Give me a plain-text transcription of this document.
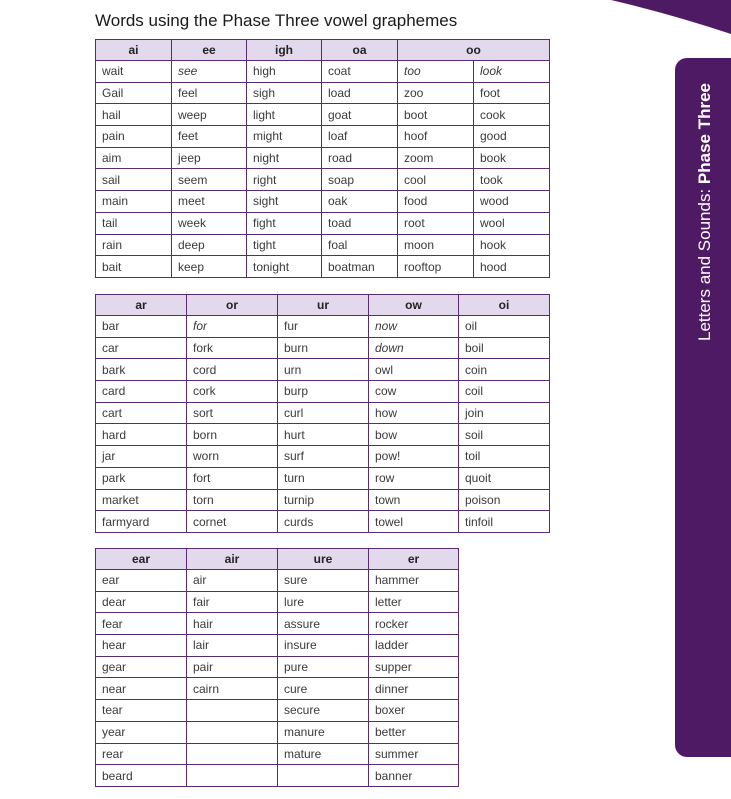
Letters and Sounds: Phase Three
Words using the Phase Three vowel graphemes
ai	ee	igh	oa	oo	
wait	see	high	coat	too	look
Gail	feel	sigh	load	zoo	foot
hail	weep	light	goat	boot	cook
pain	feet	might	loaf	hoof	good
aim	jeep	night	road	zoom	book
sail	seem	right	soap	cool	took
main	meet	sight	oak	food	wood
tail	week	fight	toad	root	wool
rain	deep	tight	foal	moon	hook
bait	keep	tonight	boatman	rooftop	hood
ar	or	ur	ow	oi
bar	for	fur	now	oil
car	fork	burn	down	boil
bark	cord	urn	owl	coin
card	cork	burp	cow	coil
cart	sort	curl	how	join
hard	born	hurt	bow	soil
jar	worn	surf	pow!	toil
park	fort	turn	row	quoit
market	torn	turnip	town	poison
farmyard	cornet	curds	towel	tinfoil
ear	air	ure	er
ear	air	sure	hammer
dear	fair	lure	letter
fear	hair	assure	rocker
hear	lair	insure	ladder
gear	pair	pure	supper
near	cairn	cure	dinner
tear		secure	boxer
year		manure	better
rear		mature	summer
beard			banner
